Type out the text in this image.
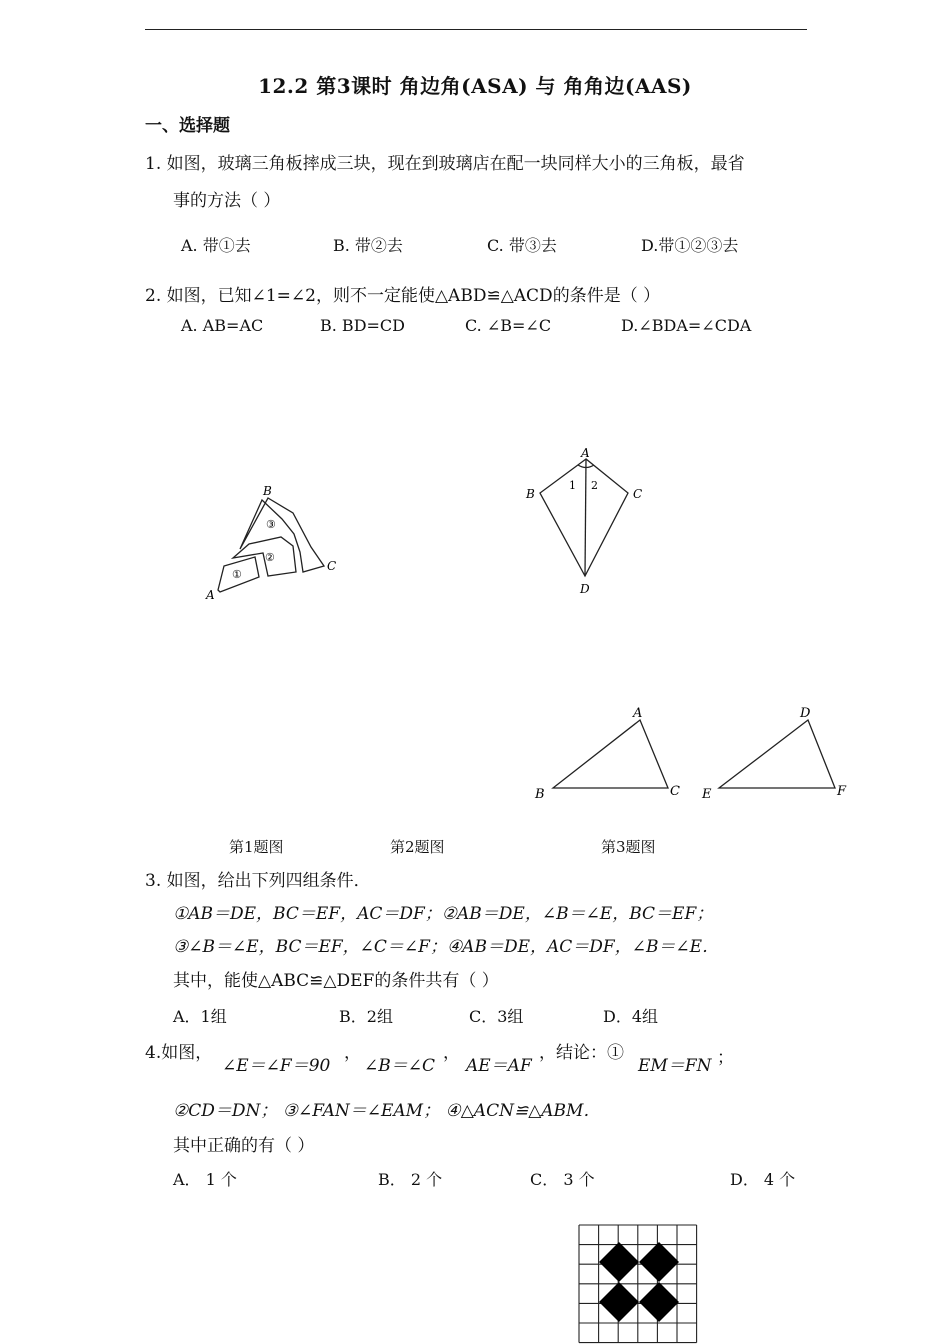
12.2 第3课时 角边角(ASA) 与 角角边(AAS)
一、选择题
1. 如图，玻璃三角板摔成三块，现在到玻璃店在配一块同样大小的三角板，最省
事的方法（ ）
A. 带①去	B. 带②去	C. 带③去	D.带①②③去
2. 如图，已知∠1=∠2，则不一定能使△ABD≌△ACD的条件是（ ）
A. AB=AC	B. BD=CD	C. ∠B=∠C	D.∠BDA=∠CDA
B
C
A
①
②
③
A
B	C
D
1 2
A
B	C
D
E	F
第1题图	第2题图	第3题图
3. 如图，给出下列四组条件．
①AB＝DE，BC＝EF，AC＝DF；②AB＝DE，∠B＝∠E，BC＝EF；
③∠B＝∠E，BC＝EF，∠C＝∠F；④AB＝DE，AC＝DF，∠B＝∠E．
其中，能使△ABC≌△DEF的条件共有（ ）
A．1组	B．2组	C．3组	D．4组
4.如图，
∠E＝∠F＝90
，
∠B＝∠C
，
AE＝AF
，结论：①
EM＝FN ；
②CD＝DN； ③∠FAN＝∠EAM； ④△ACN≌△ABM．
其中正确的有（ ）
A． 1 个	B． 2 个	C． 3 个	D． 4 个
